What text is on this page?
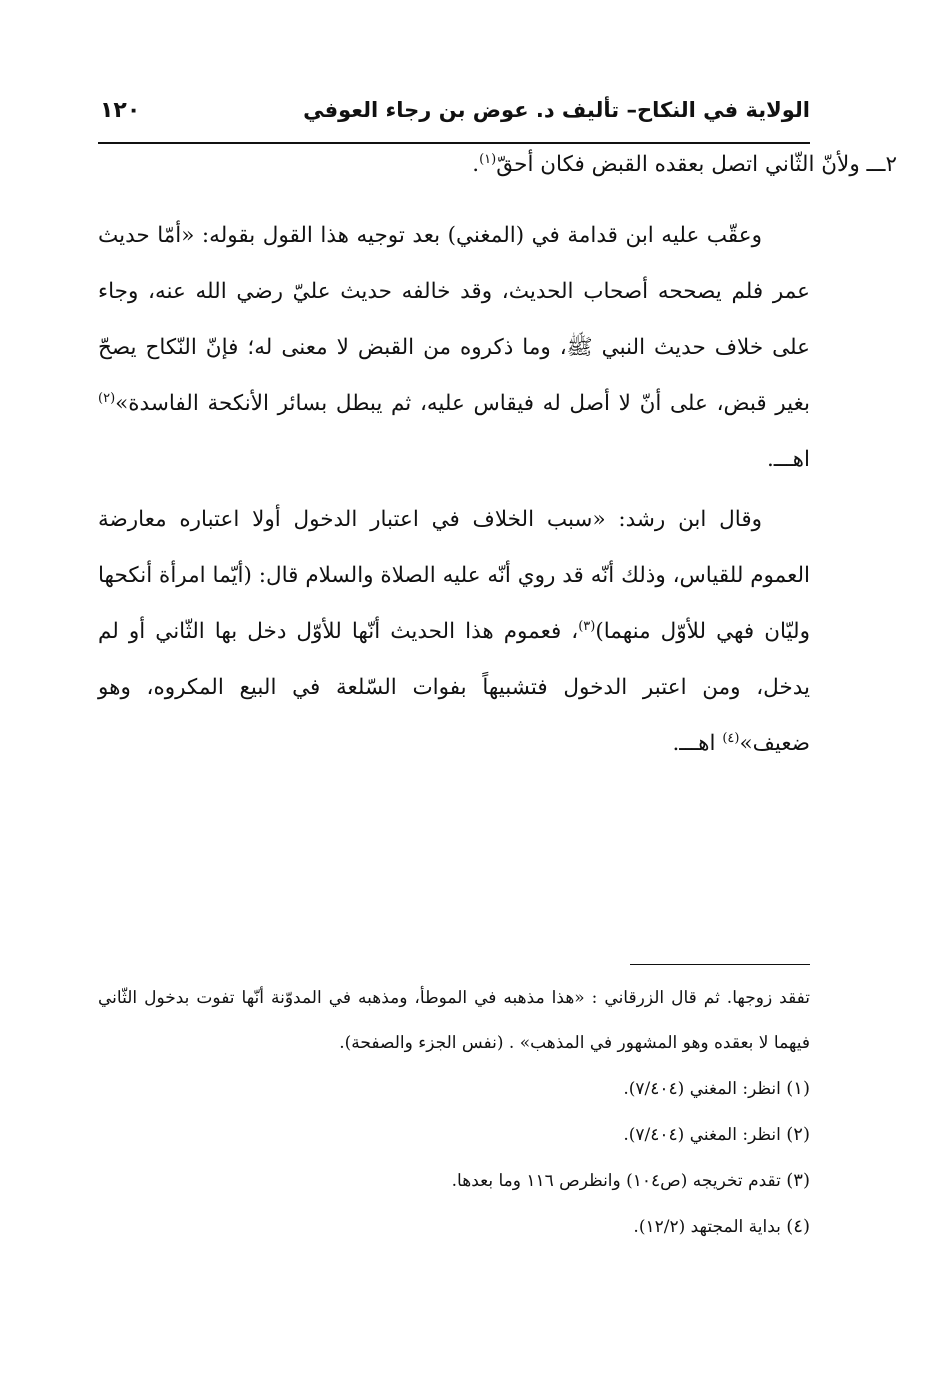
الولاية في النكاح– تأليف د. عوض بن رجاء العوفي
١٢٠
٢ـــ ولأنّ الثّاني اتصل بعقده القبض فكان أحقّ$^{(١)}$.

وعقّب عليه ابن قدامة في (المغني) بعد توجيه هذا القول بقوله: «أمّا حديث عمر فلم يصححه أصحاب الحديث، وقد خالفه حديث عليّ رضي الله عنه، وجاء على خلاف حديث النبي ﷺ، وما ذكروه من القبض لا معنى له؛ فإنّ النّكاح يصحّ بغير قبض، على أنّ لا أصل له فيقاس عليه، ثم يبطل بسائر الأنكحة الفاسدة»$^{(٢)}$ اهـــ.

وقال ابن رشد: «سبب الخلاف في اعتبار الدخول أولا اعتباره معارضة العموم للقياس، وذلك أنّه قد روي أنّه عليه الصلاة والسلام قال: (أيّما امرأة أنكحها وليّان فهي للأوّل منهما)$^{(٣)}$، فعموم هذا الحديث أنّها للأوّل دخل بها الثّاني أو لم يدخل، ومن اعتبر الدخول فتشبيهاً بفوات السّلعة في البيع المكروه، وهو ضعيف»$^{(٤)}$ اهـــ.

تفقد زوجها. ثم قال الزرقاني : «هذا مذهبه في الموطأ، ومذهبه في المدوّنة أنّها تفوت بدخول الثّاني فيهما لا بعقده وهو المشهور في المذهب» . (نفس الجزء والصفحة).

(١) انظر: المغني (٧/٤٠٤).

(٢) انظر: المغني (٧/٤٠٤).

(٣) تقدم تخريجه (ص١٠٤) وانظرص ١١٦ وما بعدها.

(٤) بداية المجتهد (١٢/٢).
